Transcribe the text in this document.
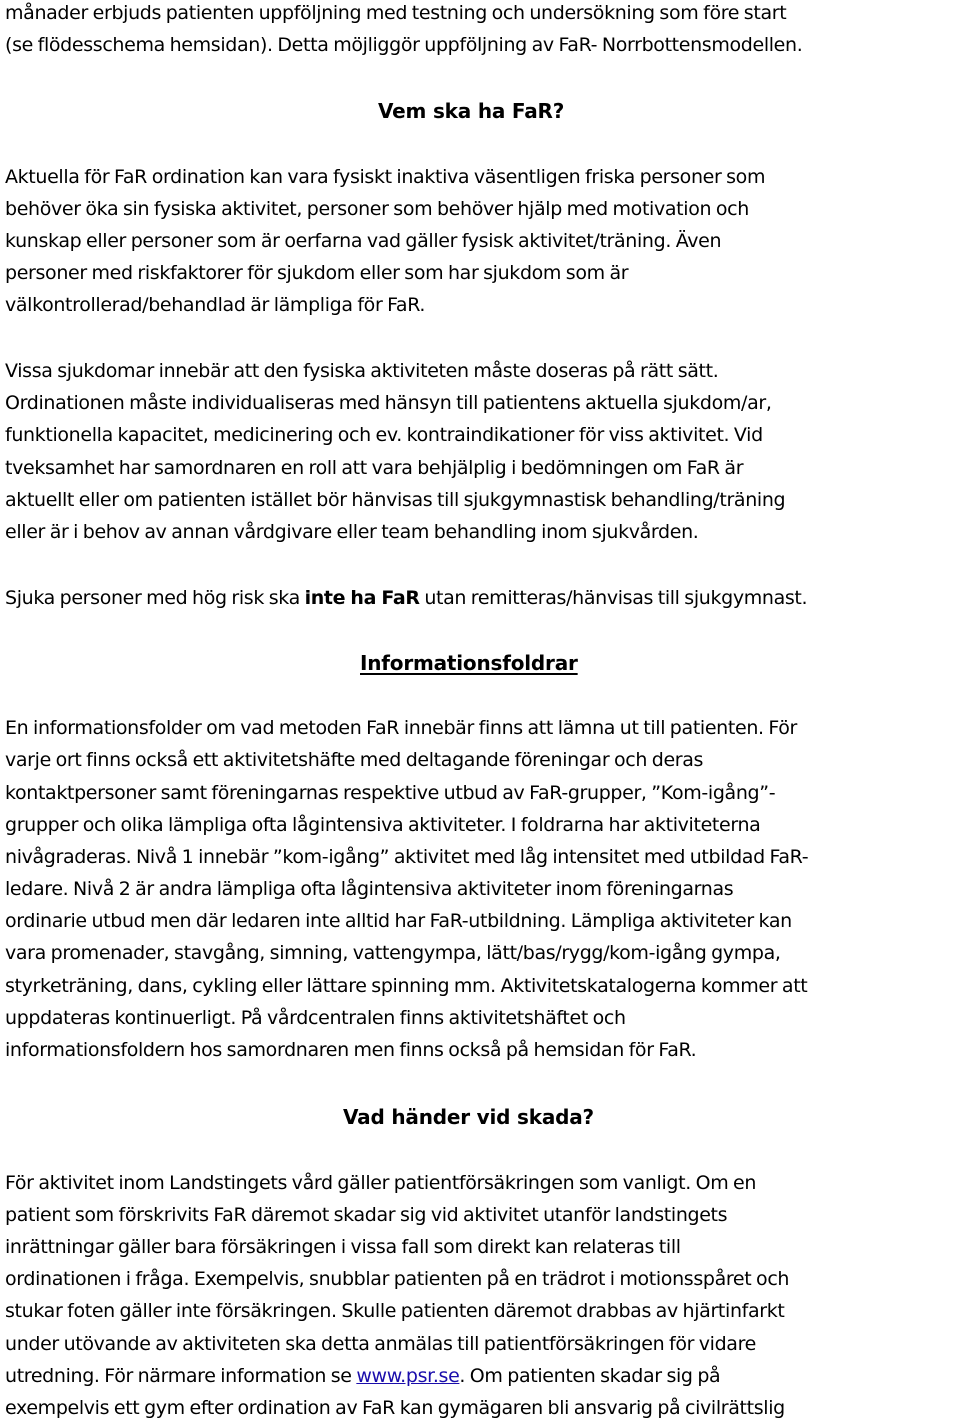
månader erbjuds patienten uppföljning med testning och undersökning som före start
(se flödesschema hemsidan). Detta möjliggör uppföljning av FaR- Norrbottensmodellen.
Vem ska ha FaR?
Aktuella för FaR ordination kan vara fysiskt inaktiva väsentligen friska personer som
behöver öka sin fysiska aktivitet, personer som behöver hjälp med motivation och
kunskap eller personer som är oerfarna vad gäller fysisk aktivitet/träning. Även
personer med riskfaktorer för sjukdom eller som har sjukdom som är
välkontrollerad/behandlad är lämpliga för FaR.
Vissa sjukdomar innebär att den fysiska aktiviteten måste doseras på rätt sätt.
Ordinationen måste individualiseras med hänsyn till patientens aktuella sjukdom/ar,
funktionella kapacitet, medicinering och ev. kontraindikationer för viss aktivitet. Vid
tveksamhet har samordnaren en roll att vara behjälplig i bedömningen om FaR är
aktuellt eller om patienten istället bör hänvisas till sjukgymnastisk behandling/träning
eller är i behov av annan vårdgivare eller team behandling inom sjukvården.
Sjuka personer med hög risk ska inte ha FaR utan remitteras/hänvisas till sjukgymnast.
Informationsfoldrar
En informationsfolder om vad metoden FaR innebär finns att lämna ut till patienten. För
varje ort finns också ett aktivitetshäfte med deltagande föreningar och deras
kontaktpersoner samt föreningarnas respektive utbud av FaR-grupper, ”Kom-igång”-
grupper och olika lämpliga ofta lågintensiva aktiviteter. I foldrarna har aktiviteterna
nivågraderas. Nivå 1 innebär ”kom-igång” aktivitet med låg intensitet med utbildad FaR-
ledare. Nivå 2 är andra lämpliga ofta lågintensiva aktiviteter inom föreningarnas
ordinarie utbud men där ledaren inte alltid har FaR-utbildning. Lämpliga aktiviteter kan
vara promenader, stavgång, simning, vattengympa, lätt/bas/rygg/kom-igång gympa,
styrketräning, dans, cykling eller lättare spinning mm. Aktivitetskatalogerna kommer att
uppdateras kontinuerligt. På vårdcentralen finns aktivitetshäftet och
informationsfoldern hos samordnaren men finns också på hemsidan för FaR.
Vad händer vid skada?
För aktivitet inom Landstingets vård gäller patientförsäkringen som vanligt. Om en
patient som förskrivits FaR däremot skadar sig vid aktivitet utanför landstingets
inrättningar gäller bara försäkringen i vissa fall som direkt kan relateras till
ordinationen i fråga. Exempelvis, snubblar patienten på en trädrot i motionsspåret och
stukar foten gäller inte försäkringen. Skulle patienten däremot drabbas av hjärtinfarkt
under utövande av aktiviteten ska detta anmälas till patientförsäkringen för vidare
utredning. För närmare information se www.psr.se. Om patienten skadar sig på
exempelvis ett gym efter ordination av FaR kan gymägaren bli ansvarig på civilrättslig
